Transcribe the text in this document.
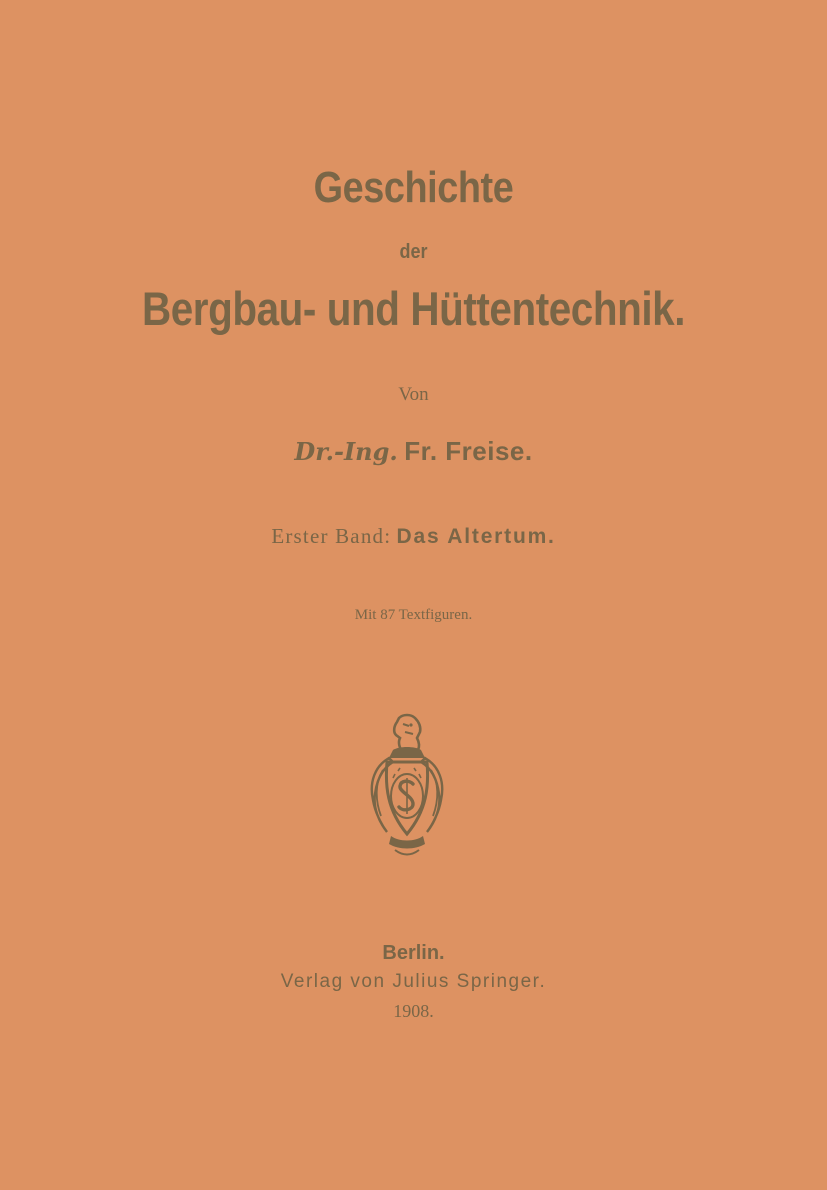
Geschichte
der
Bergbau- und Hüttentechnik.
Von
Dr.-Ing. Fr. Freise.
Erster Band: Das Altertum.
Mit 87 Textfiguren.
Berlin.
Verlag von Julius Springer.
1908.
